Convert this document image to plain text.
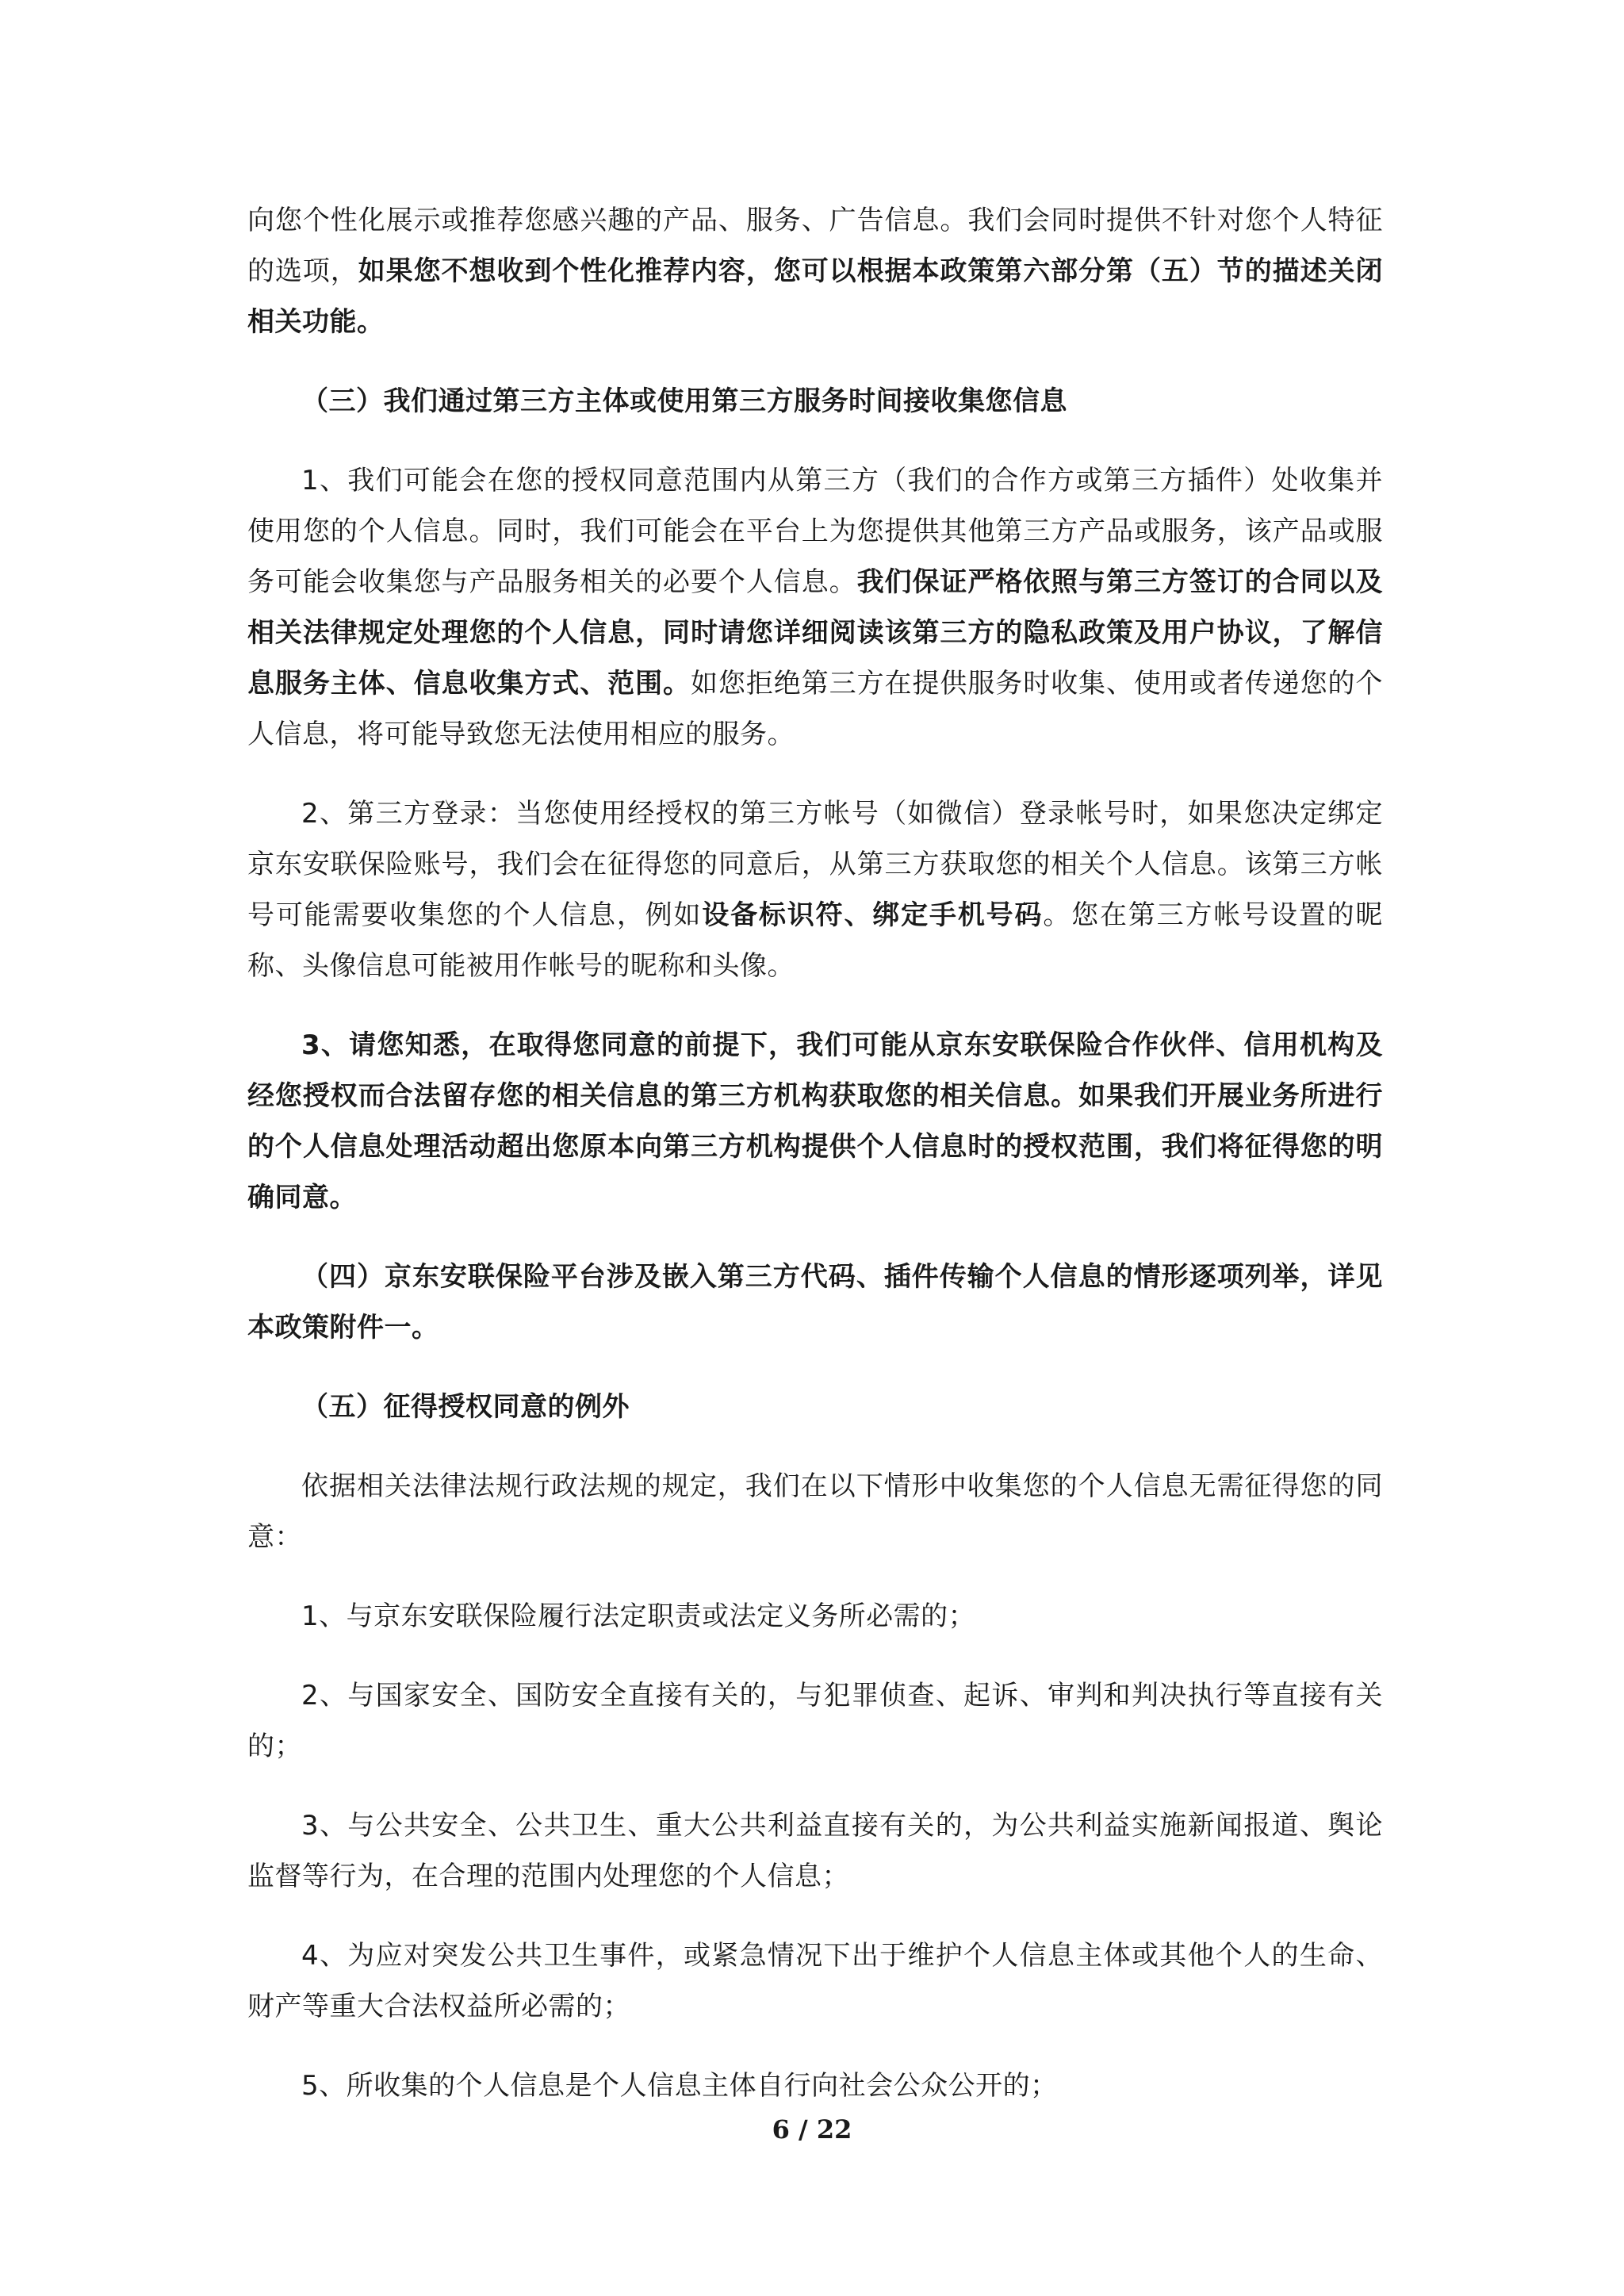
向您个性化展示或推荐您感兴趣的产品、服务、广告信息。我们会同时提供不针对您个人特征的选项，如果您不想收到个性化推荐内容，您可以根据本政策第六部分第（五）节的描述关闭相关功能。

（三）我们通过第三方主体或使用第三方服务时间接收集您信息

1、我们可能会在您的授权同意范围内从第三方（我们的合作方或第三方插件）处收集并使用您的个人信息。同时，我们可能会在平台上为您提供其他第三方产品或服务，该产品或服务可能会收集您与产品服务相关的必要个人信息。我们保证严格依照与第三方签订的合同以及相关法律规定处理您的个人信息，同时请您详细阅读该第三方的隐私政策及用户协议，了解信息服务主体、信息收集方式、范围。如您拒绝第三方在提供服务时收集、使用或者传递您的个人信息，将可能导致您无法使用相应的服务。

2、第三方登录：当您使用经授权的第三方帐号（如微信）登录帐号时，如果您决定绑定京东安联保险账号，我们会在征得您的同意后，从第三方获取您的相关个人信息。该第三方帐号可能需要收集您的个人信息，例如设备标识符、绑定手机号码。您在第三方帐号设置的昵称、头像信息可能被用作帐号的昵称和头像。

3、请您知悉，在取得您同意的前提下，我们可能从京东安联保险合作伙伴、信用机构及经您授权而合法留存您的相关信息的第三方机构获取您的相关信息。如果我们开展业务所进行的个人信息处理活动超出您原本向第三方机构提供个人信息时的授权范围，我们将征得您的明确同意。

（四）京东安联保险平台涉及嵌入第三方代码、插件传输个人信息的情形逐项列举，详见本政策附件一。

（五）征得授权同意的例外

依据相关法律法规行政法规的规定，我们在以下情形中收集您的个人信息无需征得您的同意：

1、与京东安联保险履行法定职责或法定义务所必需的；

2、与国家安全、国防安全直接有关的，与犯罪侦查、起诉、审判和判决执行等直接有关的；

3、与公共安全、公共卫生、重大公共利益直接有关的，为公共利益实施新闻报道、舆论监督等行为，在合理的范围内处理您的个人信息；

4、为应对突发公共卫生事件，或紧急情况下出于维护个人信息主体或其他个人的生命、财产等重大合法权益所必需的；

5、所收集的个人信息是个人信息主体自行向社会公众公开的；

6 / 22
